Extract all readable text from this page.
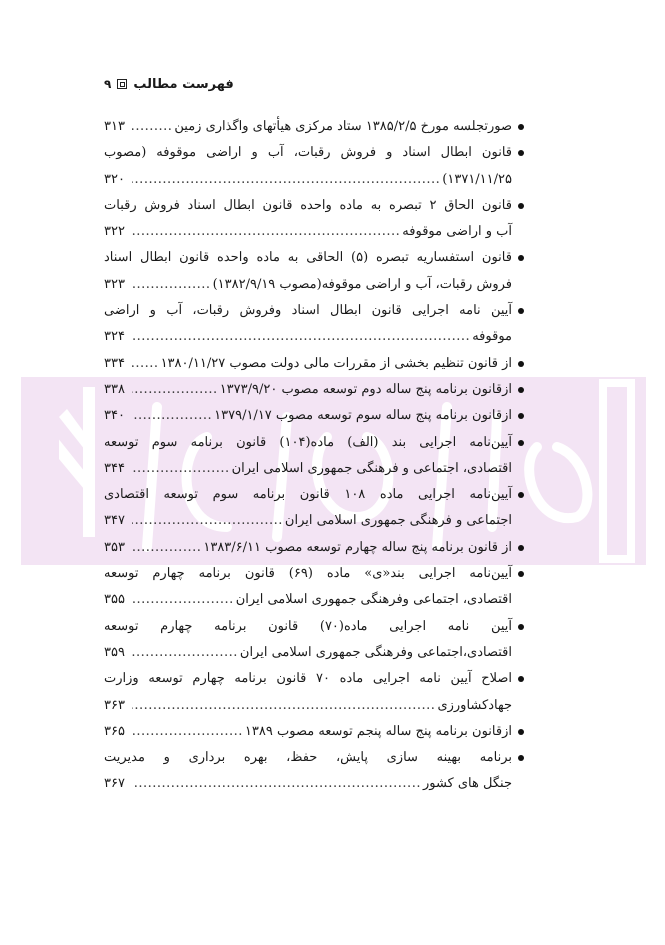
فهرست مطالب
۹
صورتجلسه مورخ ۱۳۸۵/۲/۵ ستاد مرکزی هیأتهای واگذاری زمین
.....
۳۱۳
قانون ابطال اسناد و فروش رقبات، آب و اراضی موقوفه (مصوب
۱۳۷۱/۱۱/۲۵)
.....
۳۲۰
قانون الحاق ۲ تبصره به ماده واحده قانون ابطال اسناد فروش رقبات
آب و اراضی موقوفه
.....
۳۲۲
قانون استفساریه تبصره (۵) الحاقی به ماده واحده قانون ابطال اسناد
فروش رقبات، آب و اراضی موقوفه(مصوب ۱۳۸۲/۹/۱۹)
.....
۳۲۳
آیین نامه اجرایی قانون ابطال اسناد وفروش رقبات، آب و اراضی
موقوفه
.....
۳۲۴
از قانون تنظیم بخشی از مقررات مالی دولت مصوب ۱۳۸۰/۱۱/۲۷
.....
۳۳۴
ازقانون برنامه پنج ساله دوم توسعه مصوب ۱۳۷۳/۹/۲۰
.....
۳۳۸
ازقانون برنامه پنج ساله سوم توسعه مصوب ۱۳۷۹/۱/۱۷
.....
۳۴۰
آیین‌نامه اجرایی بند (الف) ماده(۱۰۴) قانون برنامه سوم توسعه
اقتصادی، اجتماعی و فرهنگی جمهوری اسلامی ایران
.....
۳۴۴
آیین‌نامه اجرایی ماده ۱۰۸ قانون برنامه سوم توسعه اقتصادی
اجتماعی و فرهنگی جمهوری اسلامی ایران
.....
۳۴۷
از قانون برنامه پنج ساله چهارم توسعه مصوب ۱۳۸۳/۶/۱۱
.....
۳۵۳
آیین‌نامه اجرایی بند«ی» ماده (۶۹) قانون برنامه چهارم توسعه
اقتصادی، اجتماعی وفرهنگی جمهوری اسلامی ایران
.....
۳۵۵
آیین نامه اجرایی ماده(۷۰) قانون برنامه چهارم توسعه
اقتصادی،اجتماعی وفرهنگی جمهوری اسلامی ایران
.....
۳۵۹
اصلاح آیین نامه اجرایی ماده ۷۰ قانون برنامه چهارم توسعه وزارت
جهادکشاورزی
.....
۳۶۳
ازقانون برنامه پنج ساله پنجم توسعه مصوب ۱۳۸۹
.....
۳۶۵
برنامه بهینه سازی پایش، حفظ، بهره برداری و مدیریت
جنگل های کشور
.....
۳۶۷
